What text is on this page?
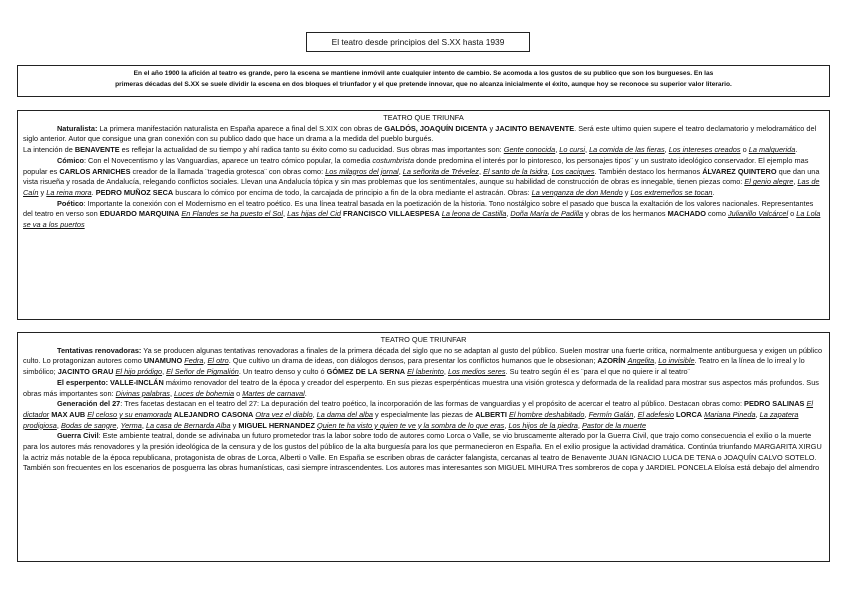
El teatro desde principios del S.XX hasta 1939

En el año 1900 la afición al teatro es grande, pero la escena se mantiene inmóvil ante cualquier intento de cambio. Se acomoda a los gustos de su publico que son los burgueses. En las

primeras décadas del S.XX se suele dividir la escena en dos bloques el triunfador y el que pretende innovar, que no alcanza inicialmente el éxito, aunque hoy se reconoce su superior valor literario.

TEATRO QUE TRIUNFA

Naturalista: La primera manifestación naturalista en España aparece a final del S.XIX con obras de GALDÓS, JOAQUÍN DICENTA y JACINTO BENAVENTE. Será este ultimo quien supere el teatro declamatorio y melodramático del siglo anterior. Autor que consigue una gran conexión con su publico dado que hace un drama a la medida del pueblo burgués.

La intención de BENAVENTE es reflejar la actualidad de su tiempo y ahí radica tanto su éxito como su caducidad. Sus obras mas importantes son: Gente conocida, Lo cursi, La comida de las fieras, Los intereses creados o La malquerida.

Cómico: Con el Novecentismo y las Vanguardias, aparece un teatro cómico popular, la comedia costumbrista donde predomina el interés por lo pintoresco, los personajes tipos¨ y un sustrato ideológico conservador. El ejemplo mas popular es CARLOS ARNICHES creador de la llamada ¨tragedia grotesca¨ con obras como: Los milagros del jornal, La señorita de Trévelez, El santo de la Isidra, Los caciques. También destaco los hermanos ÁLVAREZ QUINTERO que dan una vista risueña y rosada de Andalucía, relegando conflictos sociales. Llevan una Andalucía tópica y sin mas problemas que los sentimentales, aunque su habilidad de construcción de obras es innegable, tienen piezas como: El genio alegre, Las de Caín y La reina mora. PEDRO MUÑOZ SECA buscara lo cómico por encima de todo, la carcajada de principio a fin de la obra mediante el astracán. Obras: La venganza de don Mendo y Los extremeños se tocan.

Poético: Importante la conexión con el Modernismo en el teatro poético. Es una línea teatral basada en la poetización de la historia. Tono nostálgico sobre el pasado que busca la exaltación de los valores nacionales. Representantes del teatro en verso son EDUARDO MARQUINA En Flandes se ha puesto el Sol, Las hijas del Cid FRANCISCO VILLAESPESA La leona de Castilla, Doña María de Padilla y obras de los hermanos MACHADO como Julianillo Valcárcel o La Lola se va a los puertos

TEATRO QUE TRIUNFAR

Tentativas renovadoras: Ya se producen algunas tentativas renovadoras a finales de la primera década del siglo que no se adaptan al gusto del público. Suelen mostrar una fuerte critica, normalmente antiburguesa y exigen un público culto. Lo protagonizan autores como UNAMUNO Fedra, El otro. Que cultivo un drama de ideas, con diálogos densos, para presentar los conflictos humanos que le obsesionan; AZORÍN Angelita, Lo invisible. Teatro en la línea de lo irreal y lo simbólico; JACINTO GRAU El hijo pródigo, El Señor de Pigmalión. Un teatro denso y culto ó GÓMEZ DE LA SERNA El laberinto, Los medios seres. Su teatro según él es ¨para el que no quiere ir al teatro¨

El esperpento: VALLE-INCLÁN máximo renovador del teatro de la época y creador del esperpento. En sus piezas esperpénticas muestra una visión grotesca y deformada de la realidad para mostrar sus aspectos más profundos. Sus obras más importantes son: Divinas palabras, Luces de bohemia o Martes de carnaval.

Generación del 27: Tres facetas destacan en el teatro del 27: La depuración del teatro poético, la incorporación de las formas de vanguardias y el propósito de acercar el teatro al público. Destacan obras como: PEDRO SALINAS El dictador MAX AUB El celoso y su enamorada ALEJANDRO CASONA Otra vez el diablo, La dama del alba y especialmente las piezas de ALBERTI El hombre deshabitado, Fermín Galán, El adefesio LORCA Mariana Pineda, La zapatera prodigiosa, Bodas de sangre, Yerma, La casa de Bernarda Alba y MIGUEL HERNANDEZ Quien te ha visto y quien te ve y la sombra de lo que eras, Los hijos de la piedra, Pastor de la muerte

Guerra Civil: Este ambiente teatral, donde se adivinaba un futuro prometedor tras la labor sobre todo de autores como Lorca o Valle, se vio bruscamente alterado por la Guerra Civil, que trajo como consecuencia el exilio o la muerte para los autores más renovadores y la presión ideológica de la censura y de los gustos del público de la alta burguesía para los que permanecieron en España. En el exilio prosigue la actividad dramática. Continúa triunfando MARGARITA XIRGU la actriz más notable de la época republicana, protagonista de obras de Lorca, Alberti o Valle. En España se escriben obras de carácter falangista, cercanas al teatro de Benavente JUAN IGNACIO LUCA DE TENA o JOAQUÍN CALVO SOTELO. También son frecuentes en los escenarios de posguerra las obras humanísticas, casi siempre intrascendentes. Los autores mas interesantes son MIGUEL MIHURA Tres sombreros de copa y JARDIEL PONCELA Eloísa está debajo del almendro
